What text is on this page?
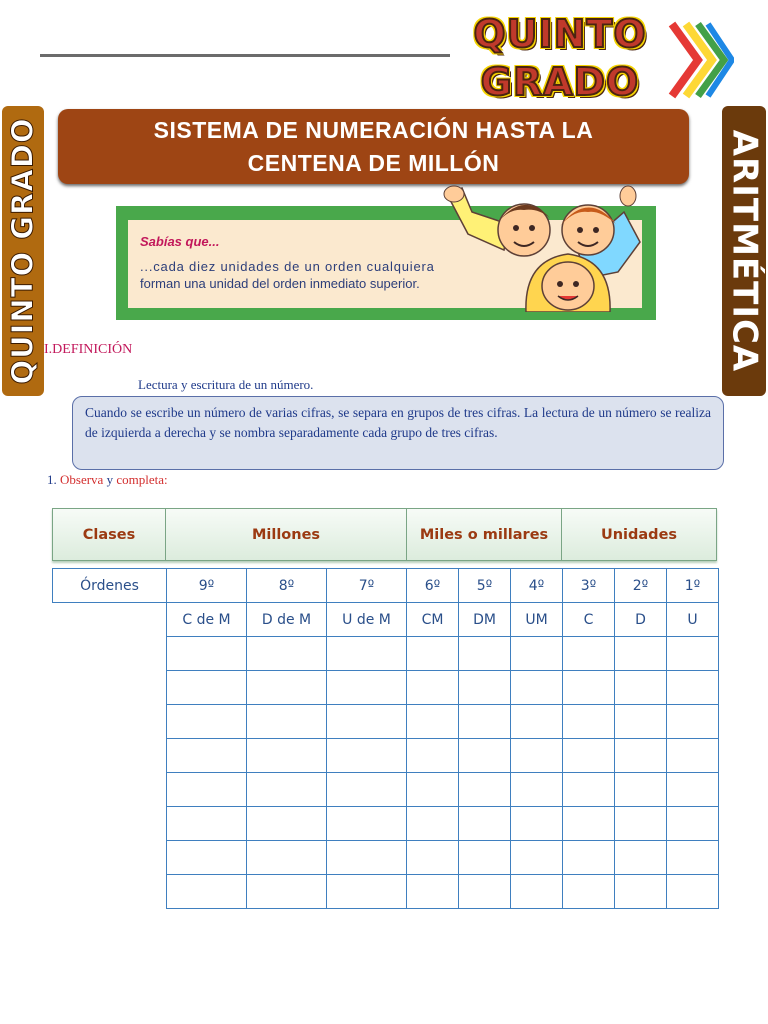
QUINTO
GRADO
QUINTO GRADO	ARITMÉTICA
SISTEMA DE NUMERACIÓN HASTA LA
CENTENA DE MILLÓN
Sabías que...
...cada diez unidades de un orden cualquiera
forman una unidad del orden inmediato superior.
I.DEFINICIÓN
Lectura y escritura de un número.
Cuando se escribe un número de varias cifras, se separa en grupos de tres cifras. La lectura de un número se realiza de izquierda a derecha y se nombra separadamente cada grupo de tres cifras.
1. Observa y completa:
Clases	Millones	Miles o millares	Unidades
Órdenes	9º	8º	7º	6º	5º	4º	3º	2º	1º
	C de M	D de M	U de M	CM	DM	UM	C	D	U
